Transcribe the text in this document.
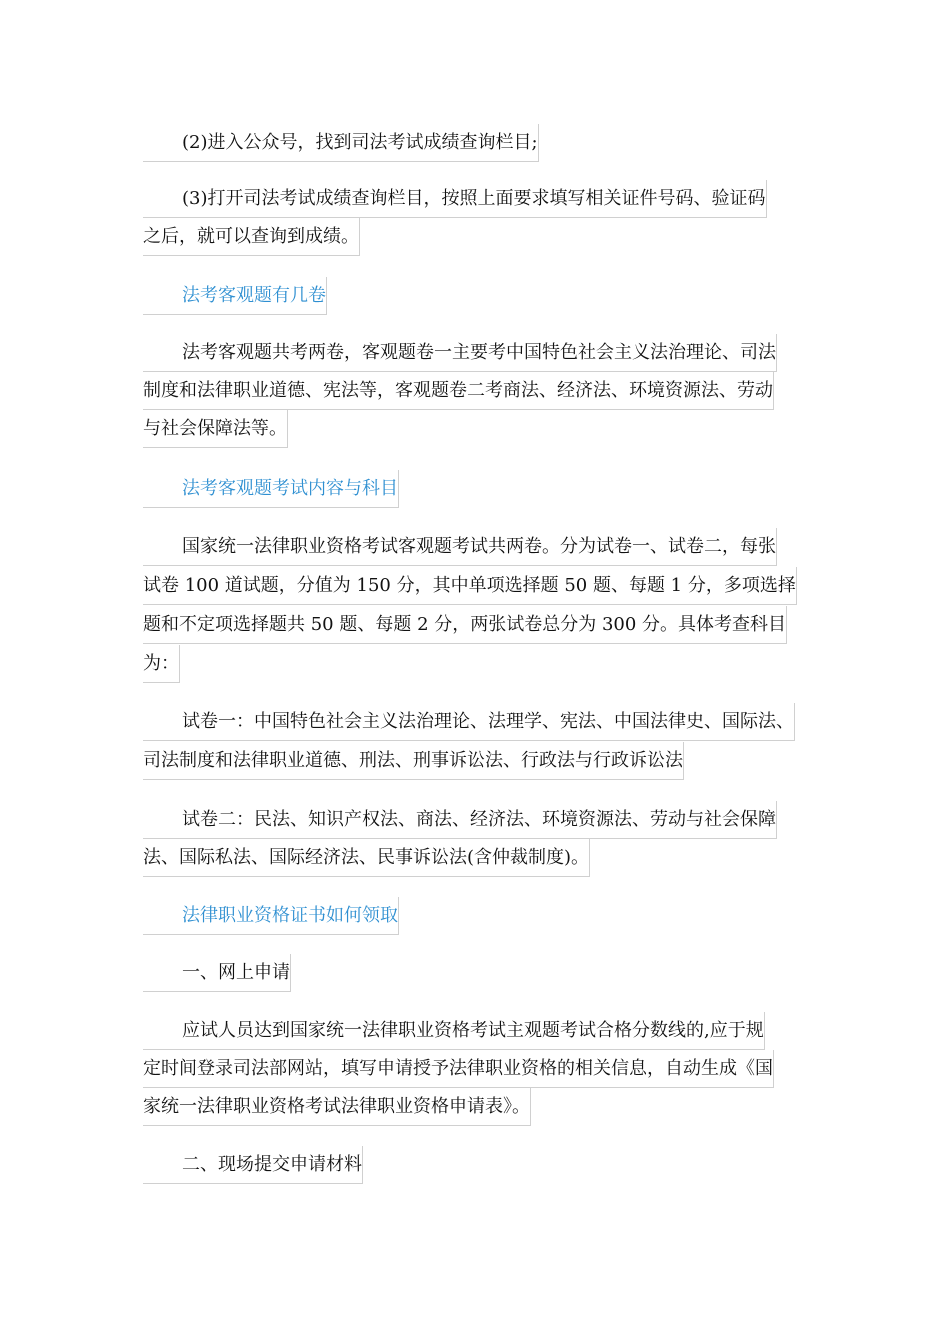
(2)进入公众号，找到司法考试成绩查询栏目;
(3)打开司法考试成绩查询栏目，按照上面要求填写相关证件号码、验证码
之后，就可以查询到成绩。
法考客观题有几卷
法考客观题共考两卷，客观题卷一主要考中国特色社会主义法治理论、司法
制度和法律职业道德、宪法等，客观题卷二考商法、经济法、环境资源法、劳动
与社会保障法等。
法考客观题考试内容与科目
国家统一法律职业资格考试客观题考试共两卷。分为试卷一、试卷二，每张
试卷 100 道试题，分值为 150 分，其中单项选择题 50 题、每题 1 分，多项选择
题和不定项选择题共 50 题、每题 2 分，两张试卷总分为 300 分。具体考查科目
为：
试卷一：中国特色社会主义法治理论、法理学、宪法、中国法律史、国际法、
司法制度和法律职业道德、刑法、刑事诉讼法、行政法与行政诉讼法
试卷二：民法、知识产权法、商法、经济法、环境资源法、劳动与社会保障
法、国际私法、国际经济法、民事诉讼法(含仲裁制度)。
法律职业资格证书如何领取
一、网上申请
应试人员达到国家统一法律职业资格考试主观题考试合格分数线的,应于规
定时间登录司法部网站，填写申请授予法律职业资格的相关信息，自动生成《国
家统一法律职业资格考试法律职业资格申请表》。
二、现场提交申请材料
